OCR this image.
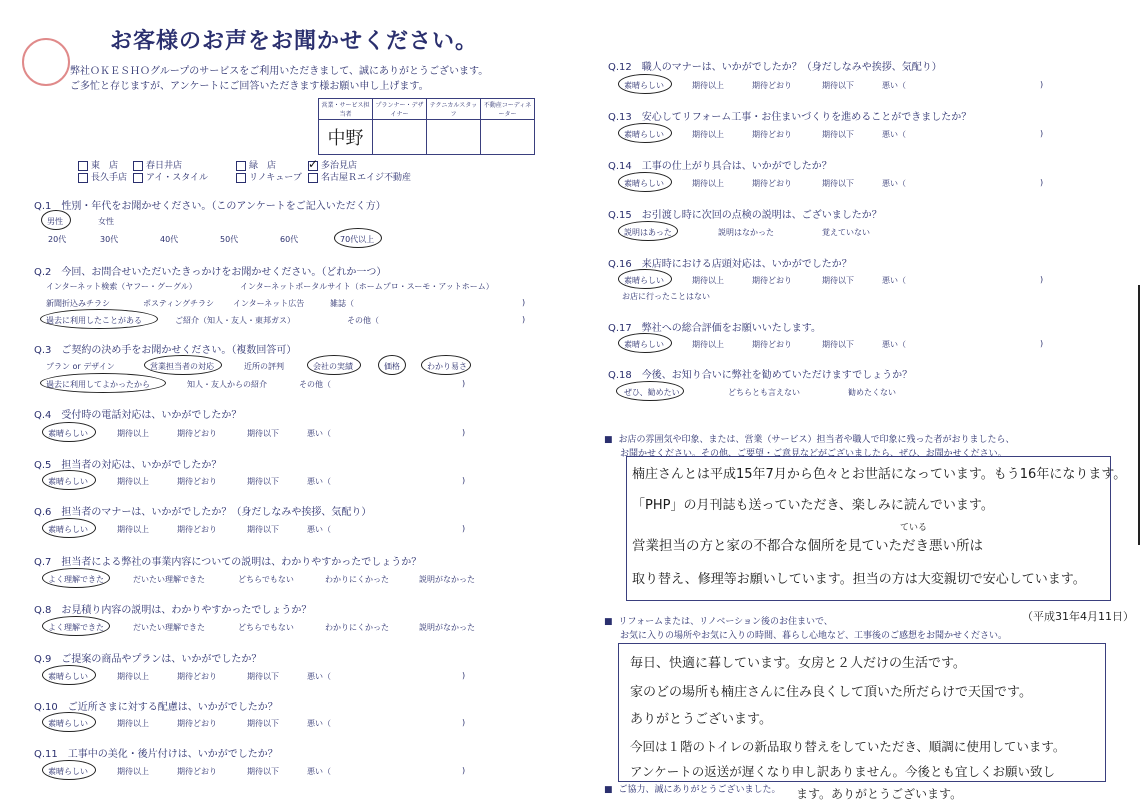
お客様のお声をお聞かせください。
弊社ＯＫＥＳＨＯグループのサービスをご利用いただきまして、誠にありがとうございます。
ご多忙と存じますが、アンケートにご回答いただきます様お願い申し上げます。
営業・サービス担当者	プランナー・デザイナー	テクニカルスタッフ	不動産コーディネーター
中野			
東　店	春日井店	緑　店	✓ 多治見店
長久手店	アイ・スタイル	リノキューブ	名古屋Ｒエイジ不動産
Q.1　性別・年代をお聞かせください。（このアンケートをご記入いただく方）
男性	女性
20代	30代	40代	50代	60代	70代以上
Q.2　今回、お問合せいただいたきっかけをお聞かせください。（どれか一つ）
インターネット検索（ヤフー・グーグル）	インターネットポータルサイト（ホームプロ・スーモ・アットホーム）
新聞折込みチラシ	ポスティングチラシ インターネット広告	雑誌（	)
過去に利用したことがある	ご紹介（知人・友人・東邦ガス）	その他（	)
Q.3　ご契約の決め手をお聞かせください。（複数回答可）
プラン or デザイン	営業担当者の対応	近所の評判	会社の実績	価格	わかり易さ
過去に利用してよかったから	知人・友人からの紹介	その他（	)
Q.4　受付時の電話対応は、いかがでしたか？
素晴らしい	期待以上	期待どおり	期待以下	悪い（	)
Q.5　担当者の対応は、いかがでしたか？
素晴らしい	期待以上	期待どおり	期待以下	悪い（	)
Q.6　担当者のマナーは、いかがでしたか？（身だしなみや挨拶、気配り）
素晴らしい	期待以上	期待どおり	期待以下	悪い（	)
Q.7　担当者による弊社の事業内容についての説明は、わかりやすかったでしょうか？
よく理解できた	だいたい理解できた	どちらでもない	わかりにくかった	説明がなかった
Q.8　お見積り内容の説明は、わかりやすかったでしょうか？
よく理解できた	だいたい理解できた	どちらでもない	わかりにくかった	説明がなかった
Q.9　ご提案の商品やプランは、いかがでしたか？
素晴らしい	期待以上	期待どおり	期待以下	悪い（	)
Q.10　ご近所さまに対する配慮は、いかがでしたか？
素晴らしい	期待以上	期待どおり	期待以下	悪い（	)
Q.11　工事中の美化・後片付けは、いかがでしたか？
素晴らしい	期待以上	期待どおり	期待以下	悪い（	)
Q.12　職人のマナーは、いかがでしたか？（身だしなみや挨拶、気配り）
素晴らしい	期待以上	期待どおり	期待以下	悪い（	)
Q.13　安心してリフォーム工事・お住まいづくりを進めることができましたか？
素晴らしい	期待以上	期待どおり	期待以下	悪い（	)
Q.14　工事の仕上がり具合は、いかがでしたか？
素晴らしい	期待以上	期待どおり	期待以下	悪い（	)
Q.15　お引渡し時に次回の点検の説明は、ございましたか？
説明はあった	説明はなかった	覚えていない
Q.16　来店時における店頭対応は、いかがでしたか？
素晴らしい	期待以上	期待どおり	期待以下	悪い（	)
お店に行ったことはない
Q.17　弊社への総合評価をお願いいたします。
素晴らしい	期待以上	期待どおり	期待以下	悪い（	)
Q.18　今後、お知り合いに弊社を勧めていただけますでしょうか？
ぜひ、勧めたい	どちらとも言えない	勧めたくない
■ お店の雰囲気や印象、または、営業（サービス）担当者や職人で印象に残った者がおりましたら、
お聞かせください。その他、ご要望・ご意見などがございましたら、ぜひ、お聞かせください。
楠庄さんとは平成15年7月から色々とお世話になっています。もう16年になります。
「PHP」の月刊誌も送っていただき、楽しみに読んでいます。
ている
営業担当の方と家の不都合な個所を見ていただき悪い所は
取り替え、修理等お願いしています。担当の方は大変親切で安心しています。
（平成31年4月11日）
■ リフォームまたは、リノベーション後のお住まいで、
お気に入りの場所やお気に入りの時間、暮らし心地など、工事後のご感想をお聞かせください。
毎日、快適に暮しています。女房と２人だけの生活です。
家のどの場所も楠庄さんに住み良くして頂いた所だらけで天国です。
ありがとうございます。
今回は１階のトイレの新品取り替えをしていただき、順調に使用しています。
アンケートの返送が遅くなり申し訳ありません。今後とも宜しくお願い致し
ます。ありがとうございます。
■ ご協力、誠にありがとうございました。
